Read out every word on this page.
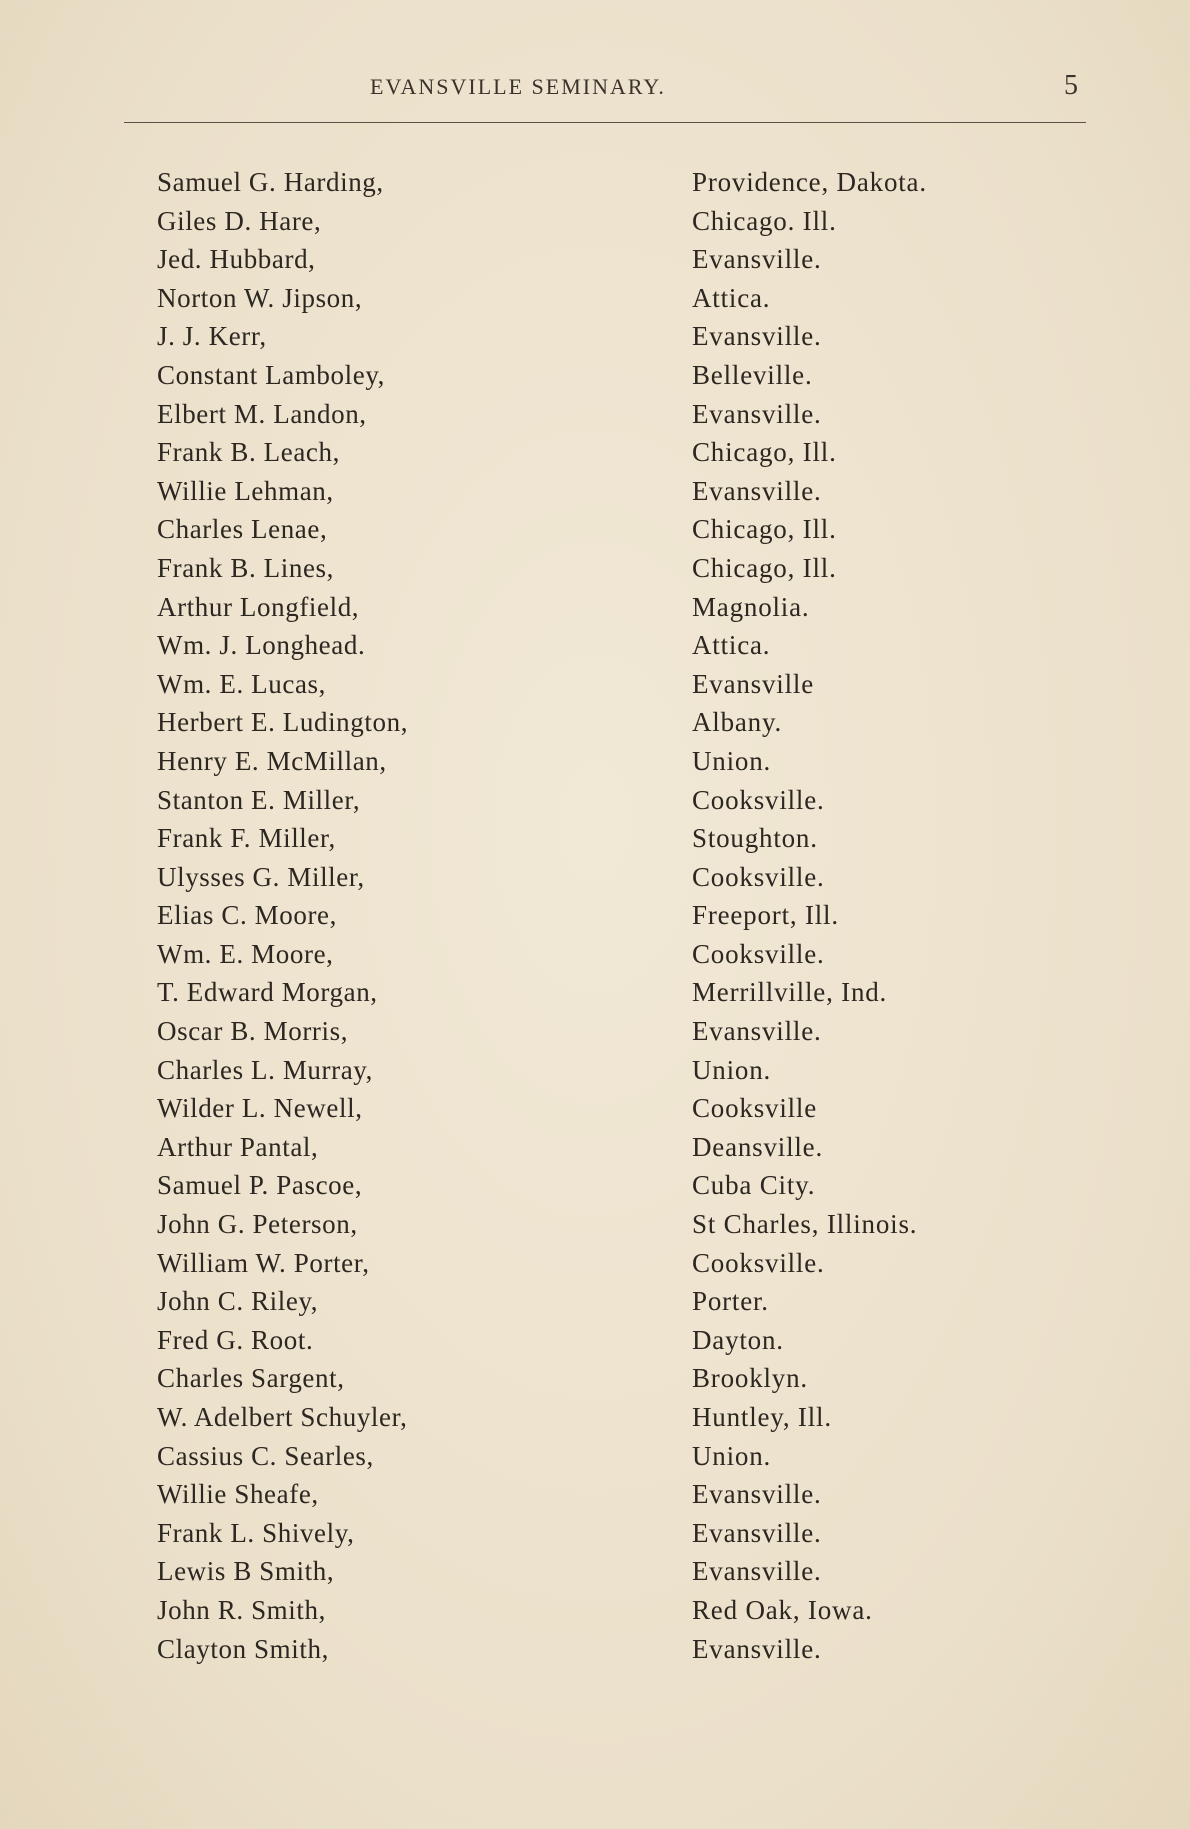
EVANSVILLE SEMINARY.	5
Samuel G. Harding,	Providence, Dakota.
Giles D. Hare,	Chicago. Ill.
Jed. Hubbard,	Evansville.
Norton W. Jipson,	Attica.
J. J. Kerr,	Evansville.
Constant Lamboley,	Belleville.
Elbert M. Landon,	Evansville.
Frank B. Leach,	Chicago, Ill.
Willie Lehman,	Evansville.
Charles Lenae,	Chicago, Ill.
Frank B. Lines,	Chicago, Ill.
Arthur Longfield,	Magnolia.
Wm. J. Longhead.	Attica.
Wm. E. Lucas,	Evansville
Herbert E. Ludington,	Albany.
Henry E. McMillan,	Union.
Stanton E. Miller,	Cooksville.
Frank F. Miller,	Stoughton.
Ulysses G. Miller,	Cooksville.
Elias C. Moore,	Freeport, Ill.
Wm. E. Moore,	Cooksville.
T. Edward Morgan,	Merrillville, Ind.
Oscar B. Morris,	Evansville.
Charles L. Murray,	Union.
Wilder L. Newell,	Cooksville
Arthur Pantal,	Deansville.
Samuel P. Pascoe,	Cuba City.
John G. Peterson,	St Charles, Illinois.
William W. Porter,	Cooksville.
John C. Riley,	Porter.
Fred G. Root.	Dayton.
Charles Sargent,	Brooklyn.
W. Adelbert Schuyler,	Huntley, Ill.
Cassius C. Searles,	Union.
Willie Sheafe,	Evansville.
Frank L. Shively,	Evansville.
Lewis B Smith,	Evansville.
John R. Smith,	Red Oak, Iowa.
Clayton Smith,	Evansville.
